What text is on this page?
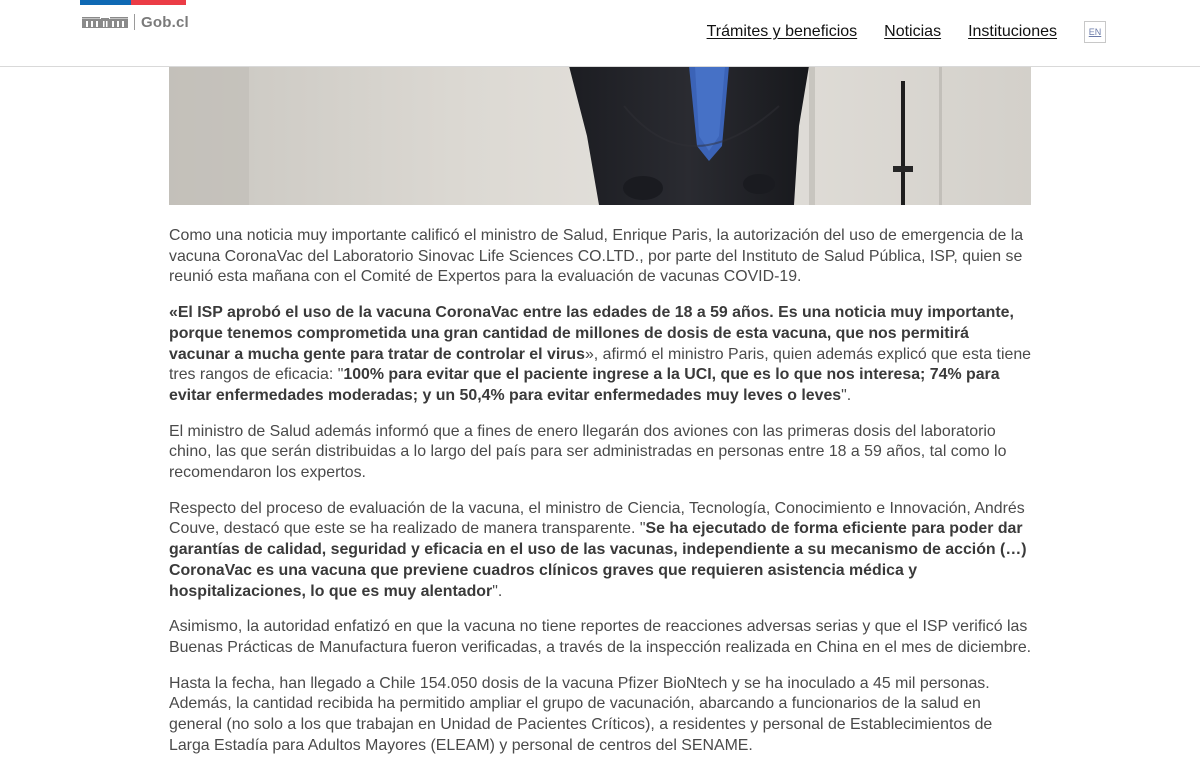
Gob.cl
Trámites y beneficios Noticias Instituciones	EN

Como una noticia muy importante calificó el ministro de Salud, Enrique Paris, la autorización del uso de emergencia de la vacuna CoronaVac del Laboratorio Sinovac Life Sciences CO.LTD., por parte del Instituto de Salud Pública, ISP, quien se reunió esta mañana con el Comité de Expertos para la evaluación de vacunas COVID-19.

«El ISP aprobó el uso de la vacuna CoronaVac entre las edades de 18 a 59 años. Es una noticia muy importante, porque tenemos comprometida una gran cantidad de millones de dosis de esta vacuna, que nos permitirá vacunar a mucha gente para tratar de controlar el virus», afirmó el ministro Paris, quien además explicó que esta tiene tres rangos de eficacia: "100% para evitar que el paciente ingrese a la UCI, que es lo que nos interesa; 74% para evitar enfermedades moderadas; y un 50,4% para evitar enfermedades muy leves o leves".

El ministro de Salud además informó que a fines de enero llegarán dos aviones con las primeras dosis del laboratorio chino, las que serán distribuidas a lo largo del país para ser administradas en personas entre 18 a 59 años, tal como lo recomendaron los expertos.

Respecto del proceso de evaluación de la vacuna, el ministro de Ciencia, Tecnología, Conocimiento e Innovación, Andrés Couve, destacó que este se ha realizado de manera transparente. "Se ha ejecutado de forma eficiente para poder dar garantías de calidad, seguridad y eficacia en el uso de las vacunas, independiente a su mecanismo de acción (…) CoronaVac es una vacuna que previene cuadros clínicos graves que requieren asistencia médica y hospitalizaciones, lo que es muy alentador".

Asimismo, la autoridad enfatizó en que la vacuna no tiene reportes de reacciones adversas serias y que el ISP verificó las Buenas Prácticas de Manufactura fueron verificadas, a través de la inspección realizada en China en el mes de diciembre.

Hasta la fecha, han llegado a Chile 154.050 dosis de la vacuna Pfizer BioNtech y se ha inoculado a 45 mil personas. Además, la cantidad recibida ha permitido ampliar el grupo de vacunación, abarcando a funcionarios de la salud en general (no solo a los que trabajan en Unidad de Pacientes Críticos), a residentes y personal de Establecimientos de Larga Estadía para Adultos Mayores (ELEAM) y personal de centros del SENAME.
